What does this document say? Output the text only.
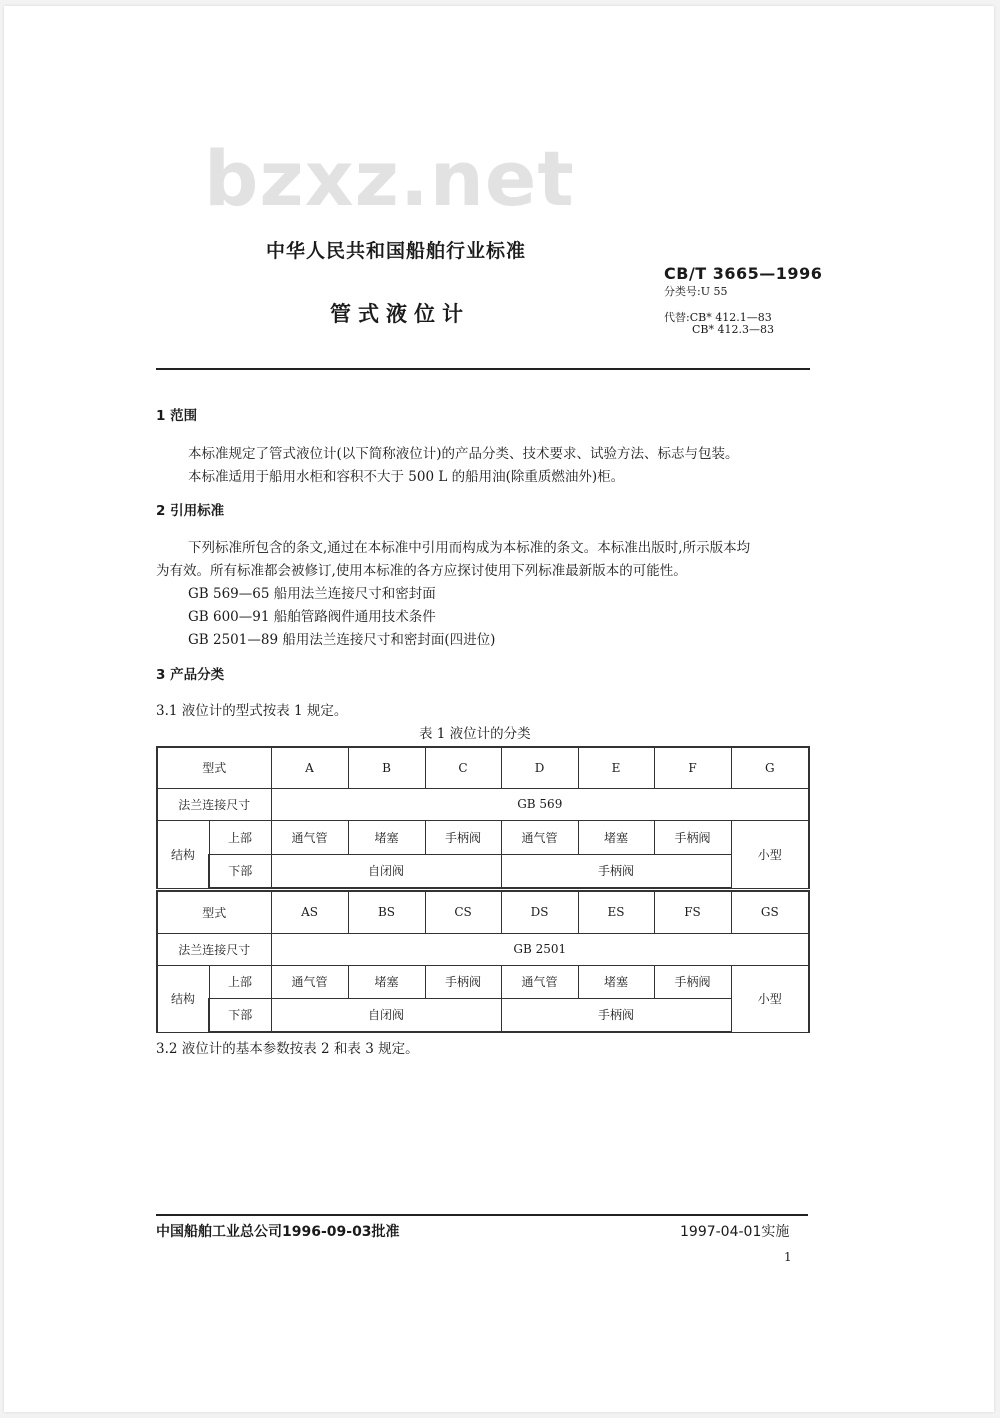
bzxz.net
中华人民共和国船舶行业标准
CB/T 3665—1996
分类号:U 55
管式液位计	代替:CB* 412.1—83
CB* 412.3—83
1 范围
本标准规定了管式液位计(以下简称液位计)的产品分类、技术要求、试验方法、标志与包装。
本标准适用于船用水柜和容积不大于 500 L 的船用油(除重质燃油外)柜。
2 引用标准
下列标准所包含的条文,通过在本标准中引用而构成为本标准的条文。本标准出版时,所示版本均
为有效。所有标准都会被修订,使用本标准的各方应探讨使用下列标准最新版本的可能性。
GB 569—65 船用法兰连接尺寸和密封面
GB 600—91 船舶管路阀件通用技术条件
GB 2501—89 船用法兰连接尺寸和密封面(四进位)
3 产品分类
3.1 液位计的型式按表 1 规定。
表 1 液位计的分类
型式		A	B	C	D	E	F	G
法兰连接尺寸		GB 569						
结构	上部	通气管	堵塞	手柄阀	通气管	堵塞	手柄阀	小型
	下部	自闭阀			手柄阀			
型式		AS	BS	CS	DS	ES	FS	GS
法兰连接尺寸		GB 2501						
结构	上部	通气管	堵塞	手柄阀	通气管	堵塞	手柄阀	小型
	下部	自闭阀			手柄阀			
3.2 液位计的基本参数按表 2 和表 3 规定。
中国船舶工业总公司1996-09-03批准	1997-04-01实施
1
